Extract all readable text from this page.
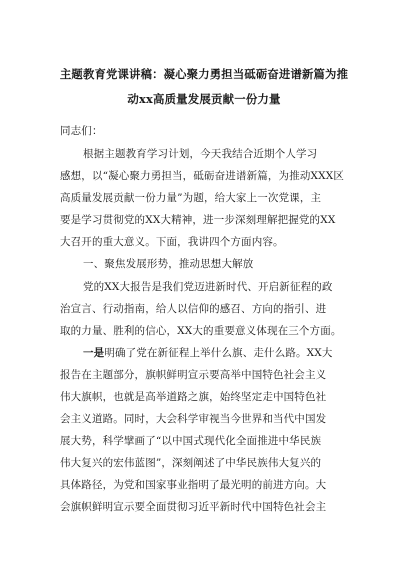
主题教育党课讲稿：凝心聚力勇担当砥砺奋进谱新篇为推
动xx高质量发展贡献一份力量
同志们：
根据主题教育学习计划，今天我结合近期个人学习
感想，以“凝心聚力勇担当，砥砺奋进谱新篇，为推动XXX区
高质量发展贡献一份力量”为题，给大家上一次党课，主
要是学习贯彻党的XX大精神，进一步深刻理解把握党的XX
大召开的重大意义。下面，我讲四个方面内容。
一、聚焦发展形势，推动思想大解放
党的XX大报告是我们党迈进新时代、开启新征程的政
治宣言、行动指南，给人以信仰的感召、方向的指引、进
取的力量、胜利的信心，XX大的重要意义体现在三个方面。
一是明确了党在新征程上举什么旗、走什么路。XX大
报告在主题部分，旗帜鲜明宣示要高举中国特色社会主义
伟大旗帜，也就是高举道路之旗，始终坚定走中国特色社
会主义道路。同时，大会科学审视当今世界和当代中国发
展大势，科学擘画了“以中国式现代化全面推进中华民族
伟大复兴的宏伟蓝图”，深刻阐述了中华民族伟大复兴的
具体路径，为党和国家事业指明了最光明的前进方向。大
会旗帜鲜明宣示要全面贯彻习近平新时代中国特色社会主
